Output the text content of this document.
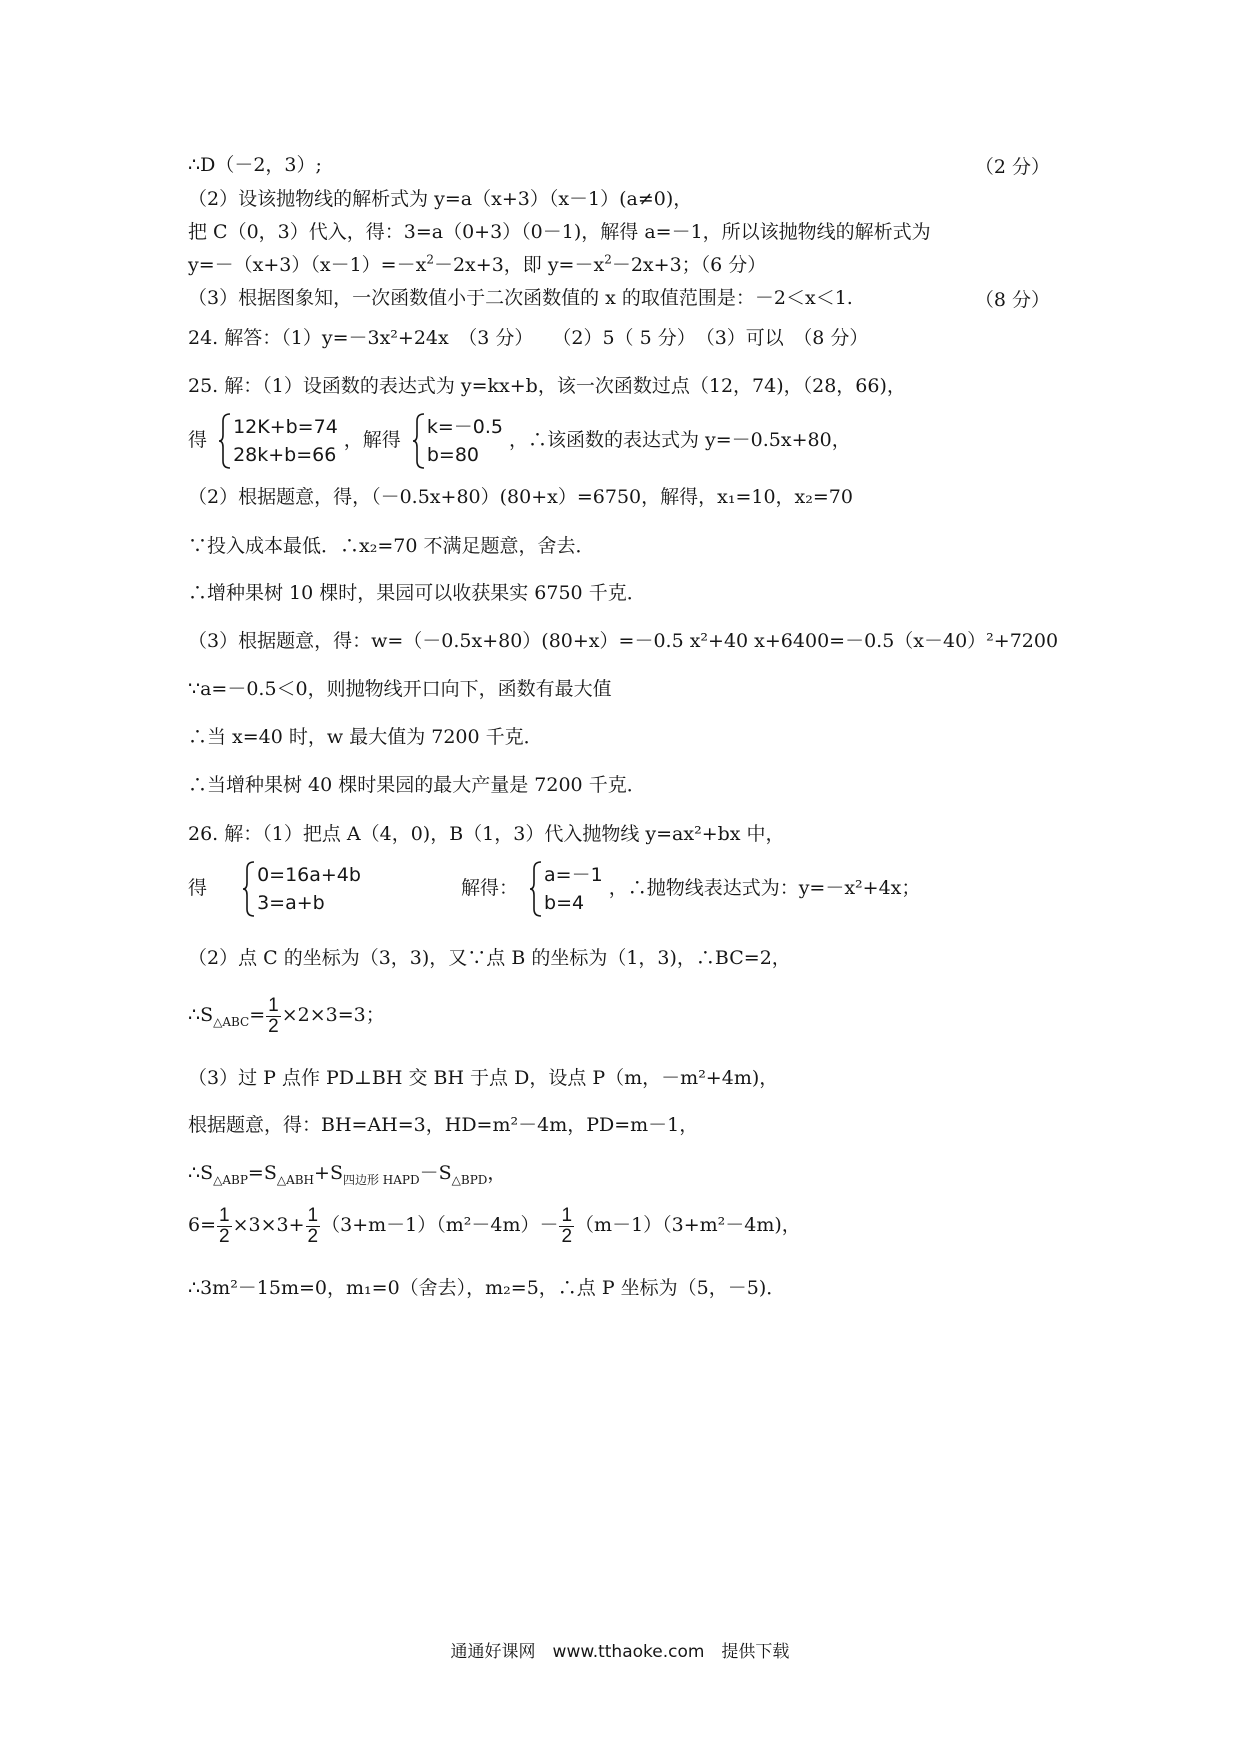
∴D（－2，3）;	（2 分）
（2）设该抛物线的解析式为 y=a（x+3）（x－1）(a≠0)，
把 C（0，3）代入，得：3=a（0+3）（0－1)，解得 a=－1，所以该抛物线的解析式为
$y=-(x+3)(x-1)=-x^2-2x+3$，即 $y=-x^2-2x+3$；（6 分）
（3）根据图象知，一次函数值小于二次函数值的 x 的取值范围是：－2＜x＜1.	（8 分）
24. 解答：（1）y=－3x²+24x　（3 分）　　（2）5（ 5 分）　（3）可以　（8 分）
25. 解：（1）设函数的表达式为 y=kx+b，该一次函数过点（12，74)，（28，66)，
得
12K+b=74
28k+b=66
，解得
k=－0.5
b=80
，∴该函数的表达式为 y=－0.5x+80，
（2）根据题意，得，（－0.5x+80）(80+x）=6750，解得，x₁=10，x₂=70
∵投入成本最低．∴x₂=70 不满足题意，舍去．
∴增种果树 10 棵时，果园可以收获果实 6750 千克．
（3）根据题意，得：w=（－0.5x+80）(80+x）=－0.5 x²+40 x+6400=－0.5（x－40）²+7200
∵a=－0.5＜0，则抛物线开口向下，函数有最大值
∴当 x=40 时，w 最大值为 7200 千克．
∴当增种果树 40 棵时果园的最大产量是 7200 千克．
26. 解：（1）把点 A（4，0)，B（1，3）代入抛物线 y=ax²+bx 中，
得
0=16a+4b
3=a+b
解得：
a=－1
b=4
，∴抛物线表达式为：y=－x²+4x；
（2）点 C 的坐标为（3，3)，又∵点 B 的坐标为（1，3)，∴BC=2，
$\therefore S_{\triangle ABC}= \frac{1}{2} \times 2\times 3=3$；
（3）过 P 点作 PD⊥BH 交 BH 于点 D，设点 P（m，－m²+4m)，
根据题意，得：BH=AH=3，HD=m²－4m，PD=m－1，
$\therefore S_{\triangle ABP}=S_{\triangle ABH}+S_{四边形 HAPD}-S_{\triangle BPD}$，
$6= \frac{1}{2} \times 3\times 3+ \frac{1}{2} (3+m-1)(m^2-4m)- \frac{1}{2} (m-1)(3+m^2-4m)$，
∴3m²－15m=0，m₁=0（舍去），m₂=5，∴点 P 坐标为（5，－5)．
通通好课网　www.tthaoke.com　提供下载
